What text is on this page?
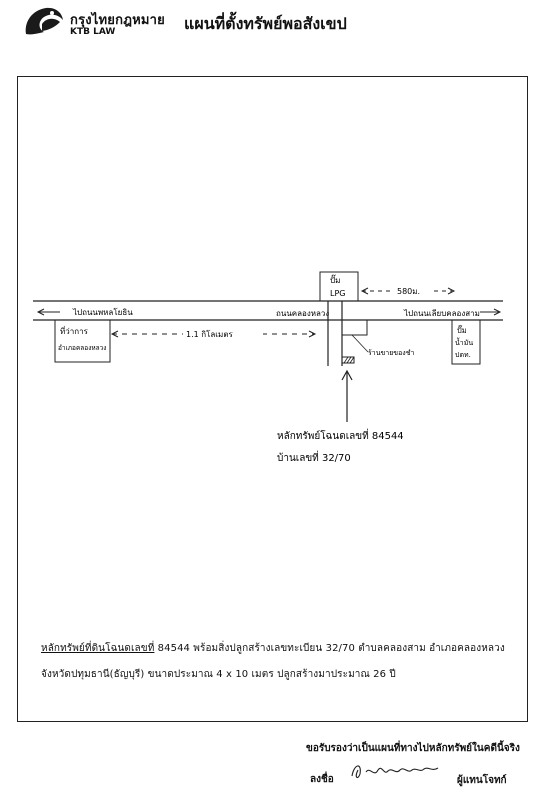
กรุงไทยกฎหมาย
KTB LAW	แผนที่ตั้งทรัพย์พอสังเขป
ไปถนนพหลโยธิน	ถนนคลองหลวง	ไปถนนเลียบคลองสาม
ที่ว่าการ
อำเภอคลองหลวง
1.1 กิโลเมตร
ร้านขายของชำ
ปั๊ม
LPG	580ม.
ปั๊ม
น้ำมัน
ปตท.
หลักทรัพย์โฉนดเลขที่ 84544
บ้านเลขที่ 32/70
หลักทรัพย์ที่ดินโฉนดเลขที่ 84544 พร้อมสิ่งปลูกสร้างเลขทะเบียน 32/70 ตำบลคลองสาม อำเภอคลองหลวง
จังหวัดปทุมธานี(ธัญบุรี) ขนาดประมาณ 4 x 10 เมตร ปลูกสร้างมาประมาณ 26 ปี
ขอรับรองว่าเป็นแผนที่ทางไปหลักทรัพย์ในคดีนี้จริง
ลงชื่อ	ผู้แทนโจทก์
